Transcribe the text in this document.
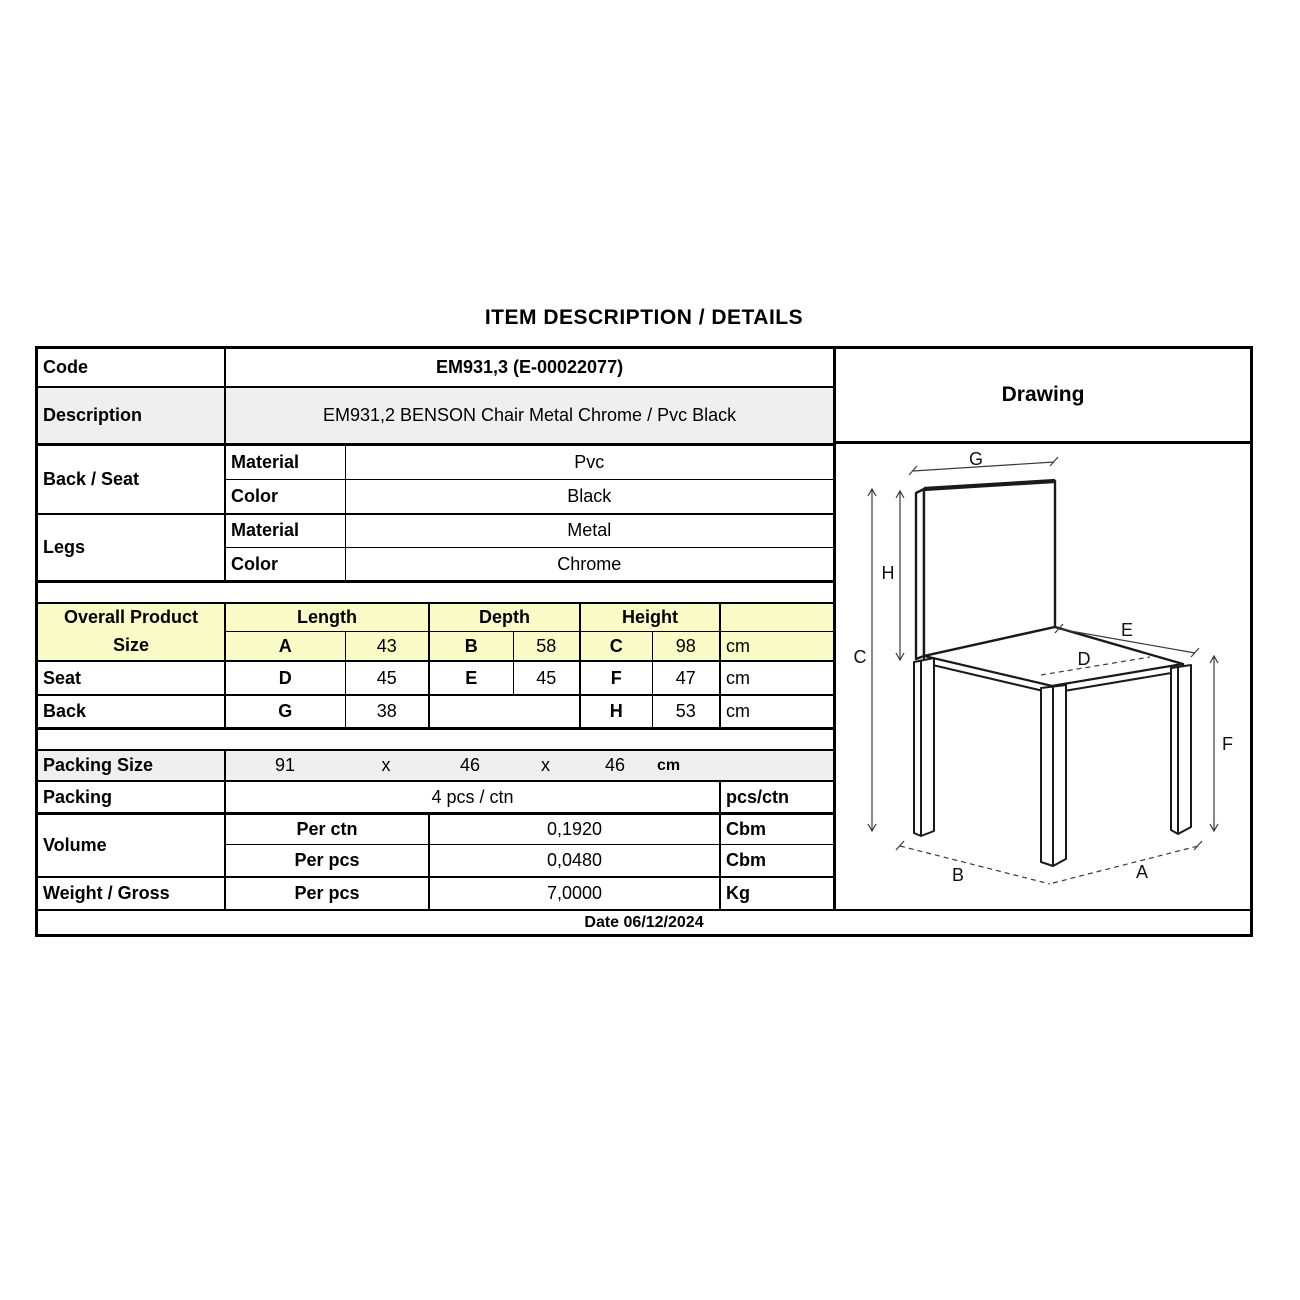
ITEM DESCRIPTION / DETAILS
Code	EM931,3 (E-00022077)						
Description	EM931,2 BENSON Chair Metal Chrome / Pvc Black						
Back / Seat	Material	Pvc					
	Color	Black					
Legs	Material	Metal					
	Color	Chrome					

Overall Product
Size	Length		Depth		Height		
	A	43	B	58	C	98	cm
Seat	D	45	E	45	F	47	cm
Back	G	38			H	53	cm

Packing Size	91	x	46	x	46	cm

Packing	4 pcs / ctn						pcs/ctn
Volume	Per ctn		0,1920				Cbm
	Per pcs		0,0480				Cbm
Weight / Gross	Per pcs		7,0000				Kg
Drawing
G
H
C
E
D
F
B	A
Date 06/12/2024
